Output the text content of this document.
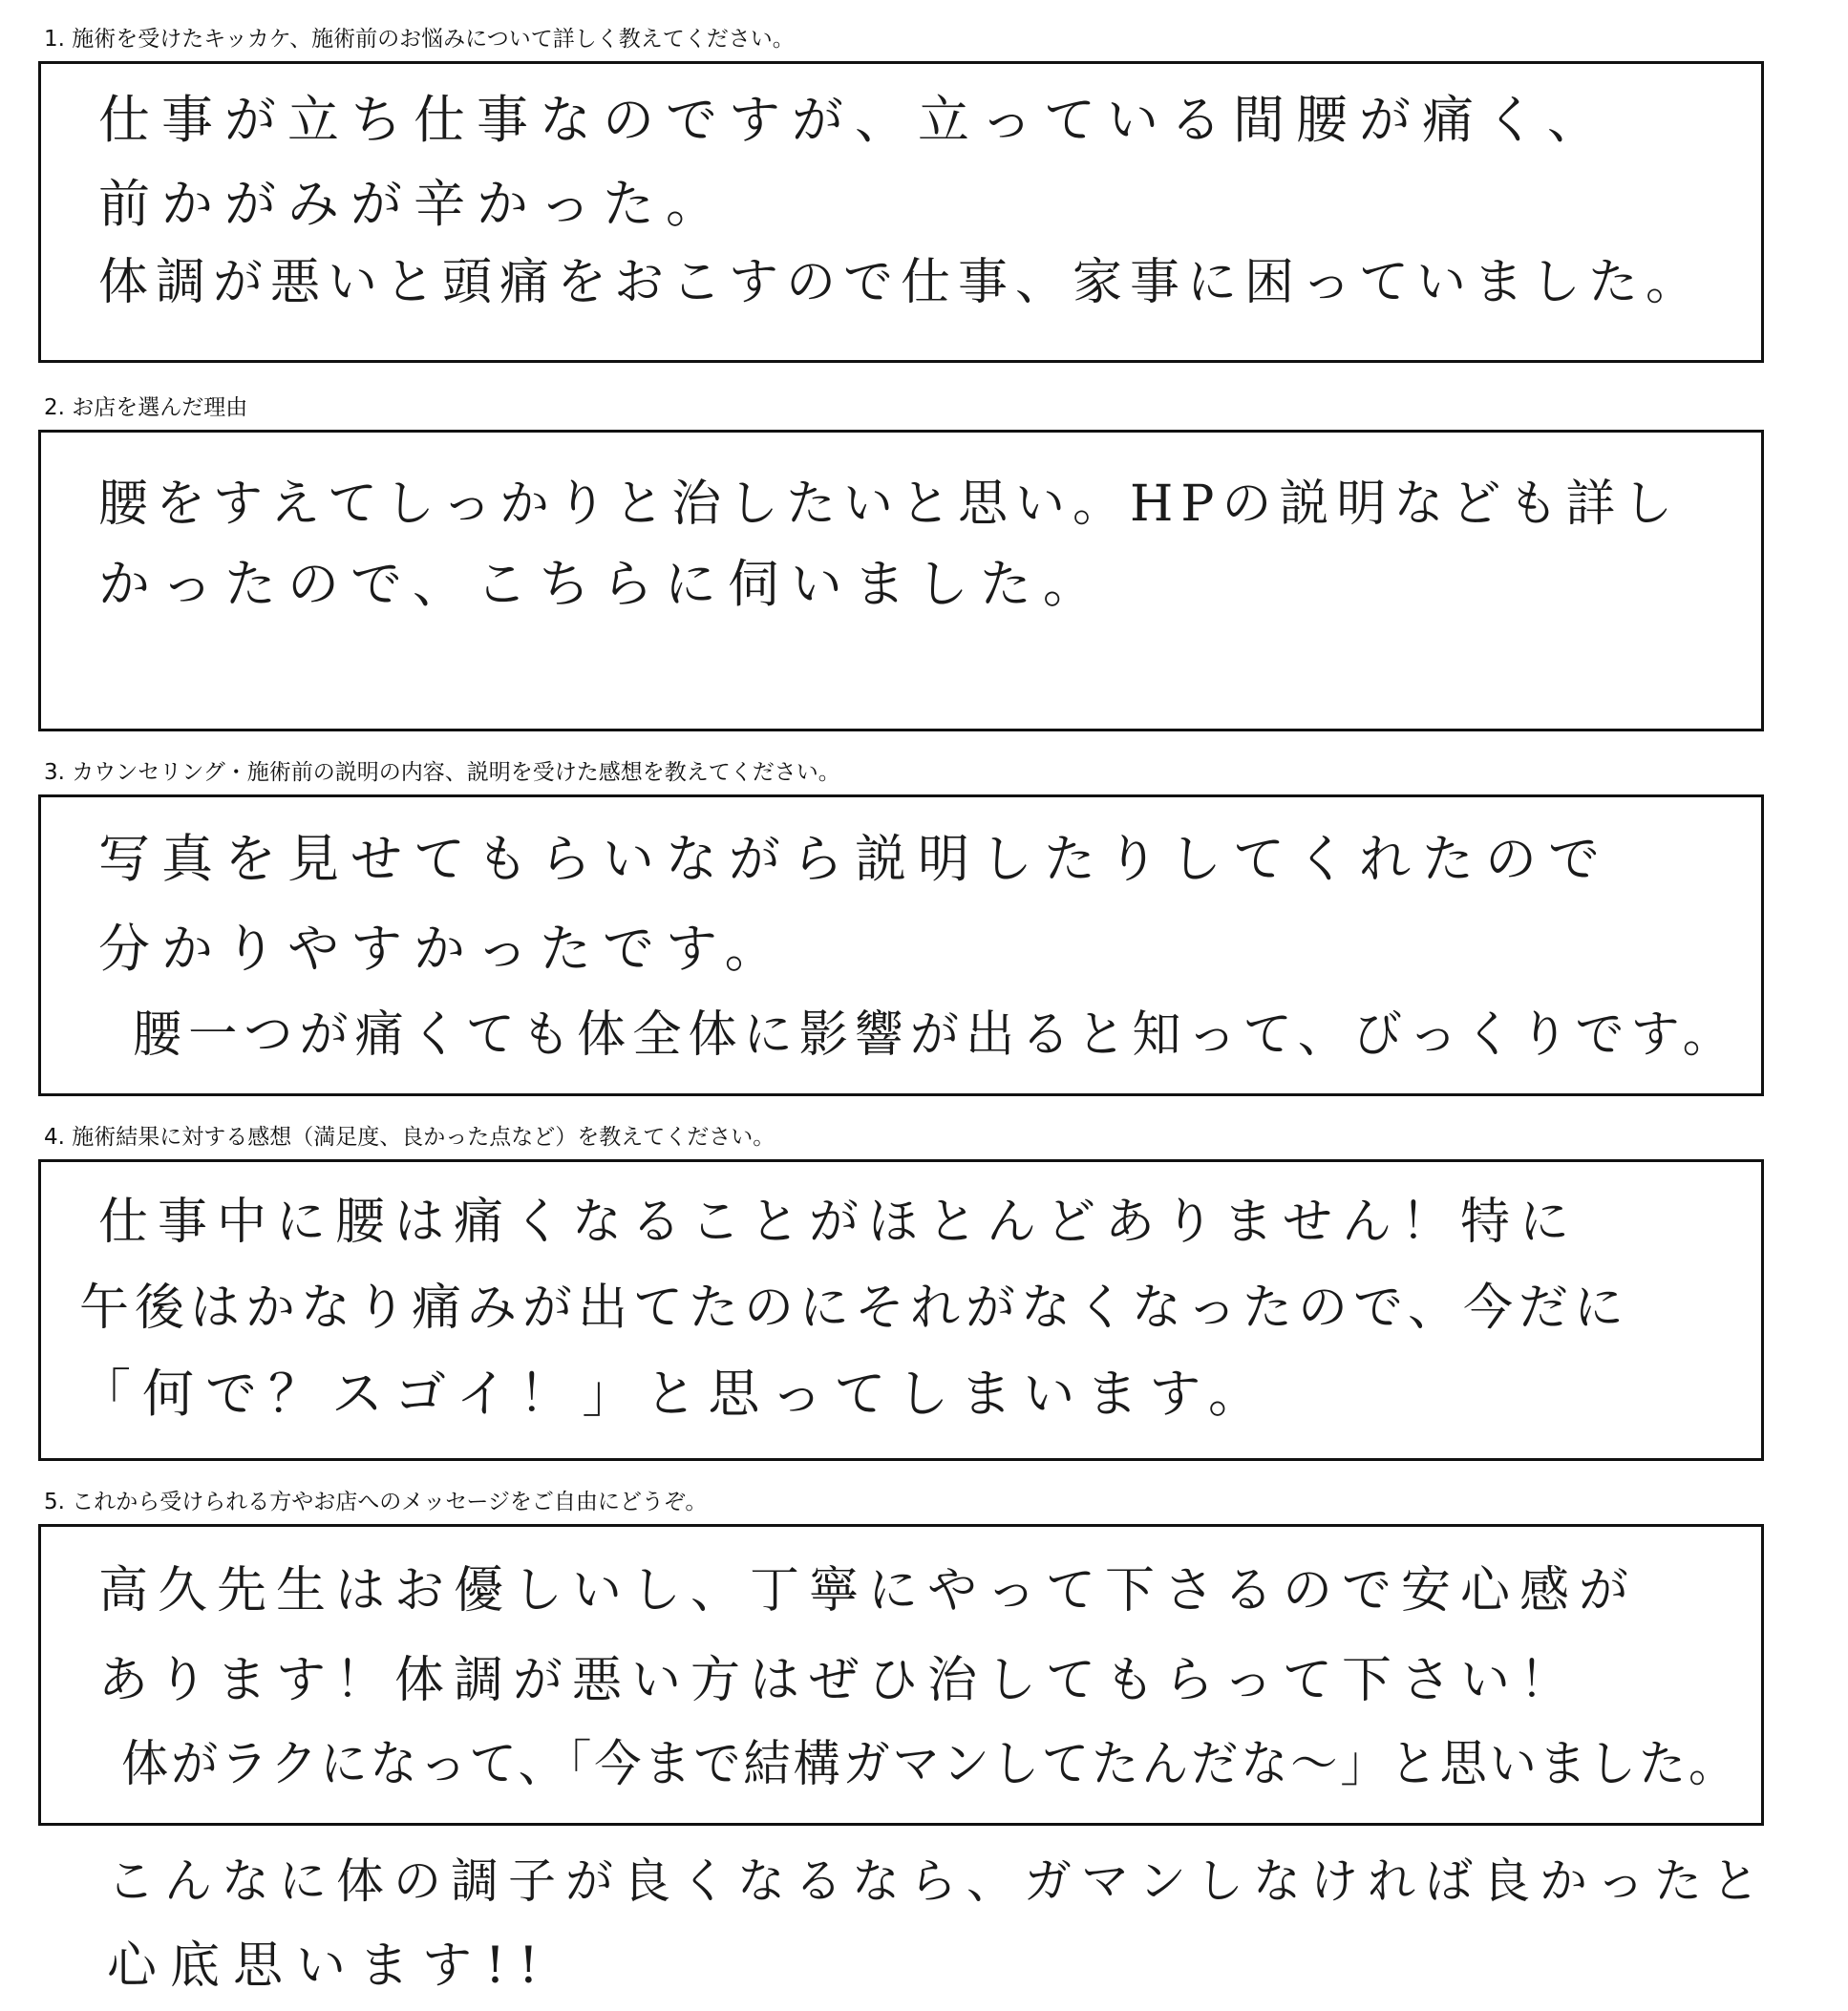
1. 施術を受けたキッカケ、施術前のお悩みについて詳しく教えてください。
仕事が立ち仕事なのですが、立っている間腰が痛く、
前かがみが辛かった。
体調が悪いと頭痛をおこすので仕事、家事に困っていました。
2. お店を選んだ理由
腰をすえてしっかりと治したいと思い。HPの説明なども詳し
かったので、こちらに伺いました。
3. カウンセリング・施術前の説明の内容、説明を受けた感想を教えてください。
写真を見せてもらいながら説明したりしてくれたので
分かりやすかったです。
腰一つが痛くても体全体に影響が出ると知って、びっくりです。
4. 施術結果に対する感想（満足度、良かった点など）を教えてください。
仕事中に腰は痛くなることがほとんどありません！特に
午後はかなり痛みが出てたのにそれがなくなったので、今だに
「何で？スゴイ！」と思ってしまいます。
5. これから受けられる方やお店へのメッセージをご自由にどうぞ。
高久先生はお優しいし、丁寧にやって下さるので安心感が
あります！体調が悪い方はぜひ治してもらって下さい！
体がラクになって、「今まで結構ガマンしてたんだな〜」と思いました。
こんなに体の調子が良くなるなら、ガマンしなければ良かったと
心底思います!!
